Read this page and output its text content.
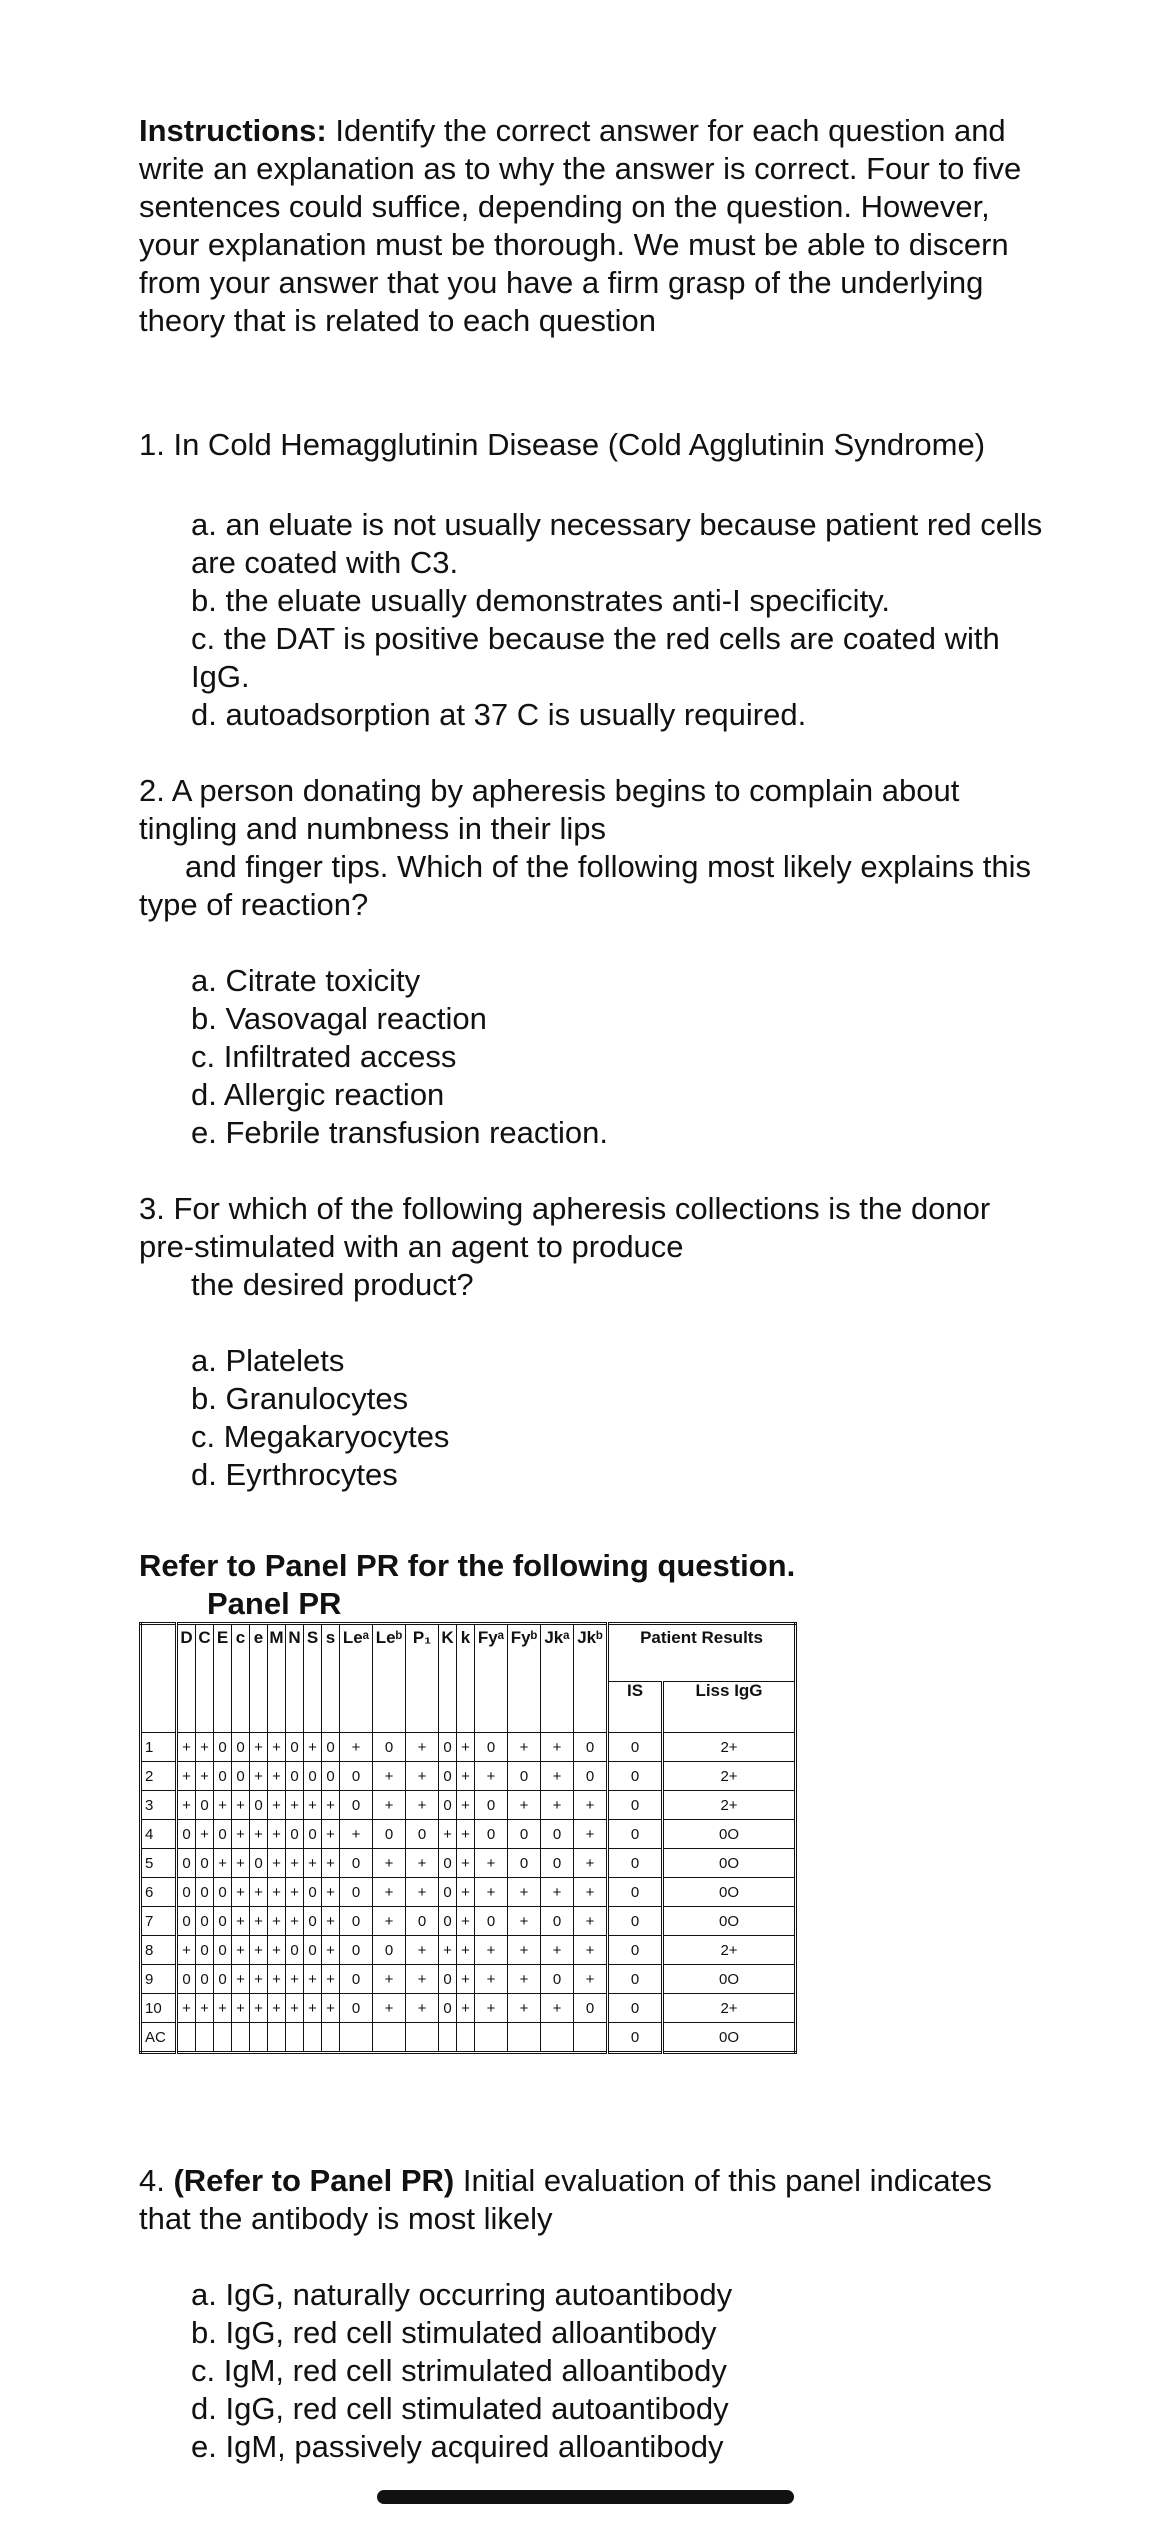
Instructions: Identify the correct answer for each question and write an explanation as to why the answer is correct. Four to five sentences could suffice, depending on the question. However, your explanation must be thorough. We must be able to discern from your answer that you have a firm grasp of the underlying theory that is related to each question

1. In Cold Hemagglutinin Disease (Cold Agglutinin Syndrome)

a. an eluate is not usually necessary because patient red cells are coated with C3.
b. the eluate usually demonstrates anti-I specificity.
c. the DAT is positive because the red cells are coated with IgG.
d. autoadsorption at 37 C is usually required.

2. A person donating by apheresis begins to complain about tingling and numbness in their lips
and finger tips. Which of the following most likely explains this type of reaction?

a. Citrate toxicity
b. Vasovagal reaction
c. Infiltrated access
d. Allergic reaction
e. Febrile transfusion reaction.

3. For which of the following apheresis collections is the donor pre-stimulated with an agent to produce
the desired product?

a. Platelets
b. Granulocytes
c. Megakaryocytes
d. Eyrthrocytes
Refer to Panel PR for the following question.
Panel PR
	D	C	E	c	e	M	N	S	s	Leᵃ	Leᵇ	P₁	K	k	Fyᵃ	Fyᵇ	Jkᵃ	Jkᵇ	Patient Results	
																			IS	Liss IgG
1	+	+	0	0	+	+	0	+	0	+	0	+	0	+	0	+	+	0	0	2+
2	+	+	0	0	+	+	0	0	0	0	+	+	0	+	+	0	+	0	0	2+
3	+	0	+	+	0	+	+	+	+	0	+	+	0	+	0	+	+	+	0	2+
4	0	+	0	+	+	+	0	0	+	+	0	0	+	+	0	0	0	+	0	0O
5	0	0	+	+	0	+	+	+	+	0	+	+	0	+	+	0	0	+	0	0O
6	0	0	0	+	+	+	+	0	+	0	+	+	0	+	+	+	+	+	0	0O
7	0	0	0	+	+	+	+	0	+	0	+	0	0	+	0	+	0	+	0	0O
8	+	0	0	+	+	+	0	0	+	0	0	+	+	+	+	+	+	+	0	2+
9	0	0	0	+	+	+	+	+	+	0	+	+	0	+	+	+	0	+	0	0O
10	+	+	+	+	+	+	+	+	+	0	+	+	0	+	+	+	+	0	0	2+
AC																			0	0O

4. (Refer to Panel PR) Initial evaluation of this panel indicates that the antibody is most likely

a. IgG, naturally occurring autoantibody
b. IgG, red cell stimulated alloantibody
c. IgM, red cell strimulated alloantibody
d. IgG, red cell stimulated autoantibody
e. IgM, passively acquired alloantibody
